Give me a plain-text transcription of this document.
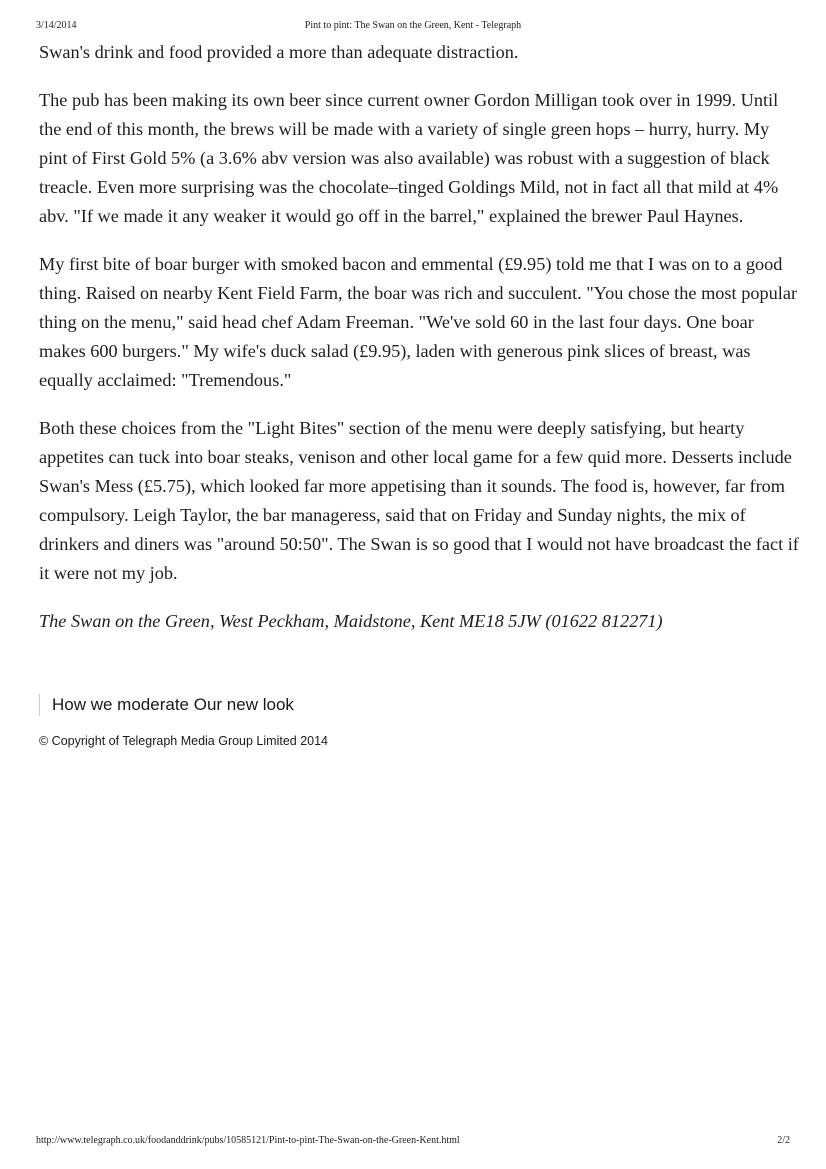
3/14/2014	Pint to pint: The Swan on the Green, Kent - Telegraph

Swan's drink and food provided a more than adequate distraction.

The pub has been making its own beer since current owner Gordon Milligan took over in 1999. Until the end of this month, the brews will be made with a variety of single green hops – hurry, hurry. My pint of First Gold 5% (a 3.6% abv version was also available) was robust with a suggestion of black treacle. Even more surprising was the chocolate–tinged Goldings Mild, not in fact all that mild at 4% abv. "If we made it any weaker it would go off in the barrel," explained the brewer Paul Haynes.

My first bite of boar burger with smoked bacon and emmental (£9.95) told me that I was on to a good thing. Raised on nearby Kent Field Farm, the boar was rich and succulent. "You chose the most popular thing on the menu," said head chef Adam Freeman. "We've sold 60 in the last four days. One boar makes 600 burgers." My wife's duck salad (£9.95), laden with generous pink slices of breast, was equally acclaimed: "Tremendous."

Both these choices from the "Light Bites" section of the menu were deeply satisfying, but hearty appetites can tuck into boar steaks, venison and other local game for a few quid more. Desserts include Swan's Mess (£5.75), which looked far more appetising than it sounds. The food is, however, far from compulsory. Leigh Taylor, the bar manageress, said that on Friday and Sunday nights, the mix of drinkers and diners was "around 50:50". The Swan is so good that I would not have broadcast the fact if it were not my job.

The Swan on the Green, West Peckham, Maidstone, Kent ME18 5JW (01622 812271)

How we moderate Our new look
© Copyright of Telegraph Media Group Limited 2014
http://www.telegraph.co.uk/foodanddrink/pubs/10585121/Pint-to-pint-The-Swan-on-the-Green-Kent.html	2/2
